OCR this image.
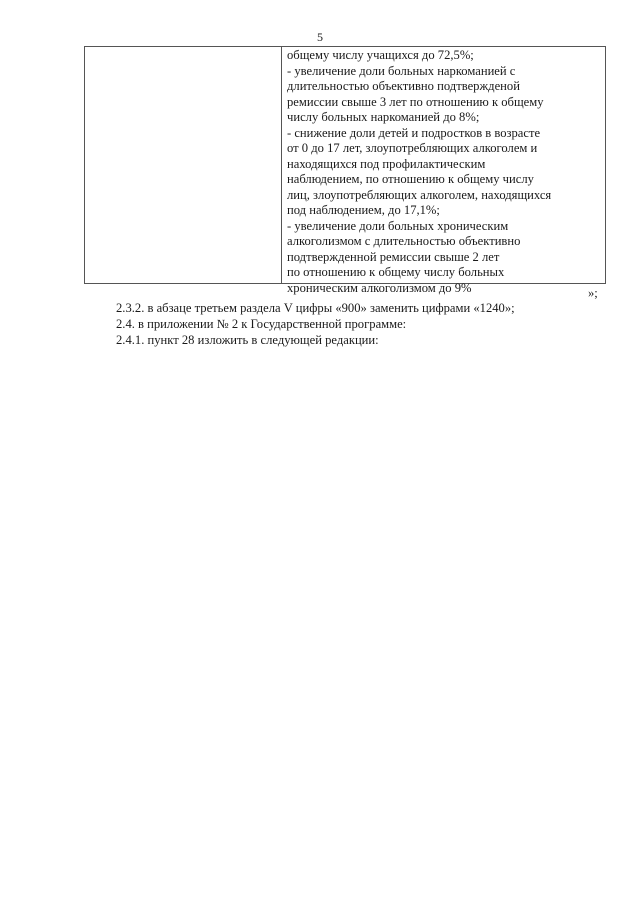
5
общему числу учащихся до 72,5%;
- увеличение доли больных наркоманией с
длительностью объективно подтвержденой
ремиссии свыше 3 лет по отношению к общему
числу больных наркоманией до 8%;
- снижение доли детей и подростков в возрасте
от 0 до 17 лет, злоупотребляющих алкоголем и
находящихся под профилактическим
наблюдением, по отношению к общему числу
лиц, злоупотребляющих алкоголем, находящихся
под наблюдением, до 17,1%;
- увеличение доли больных хроническим
алкоголизмом с длительностью объективно
подтвержденной ремиссии свыше 2 лет
по отношению к общему числу больных
хроническим алкоголизмом до 9%	»;
2.3.2. в абзаце третьем раздела V цифры «900» заменить цифрами «1240»;
2.4. в приложении № 2 к Государственной программе:
2.4.1. пункт 28 изложить в следующей редакции:
